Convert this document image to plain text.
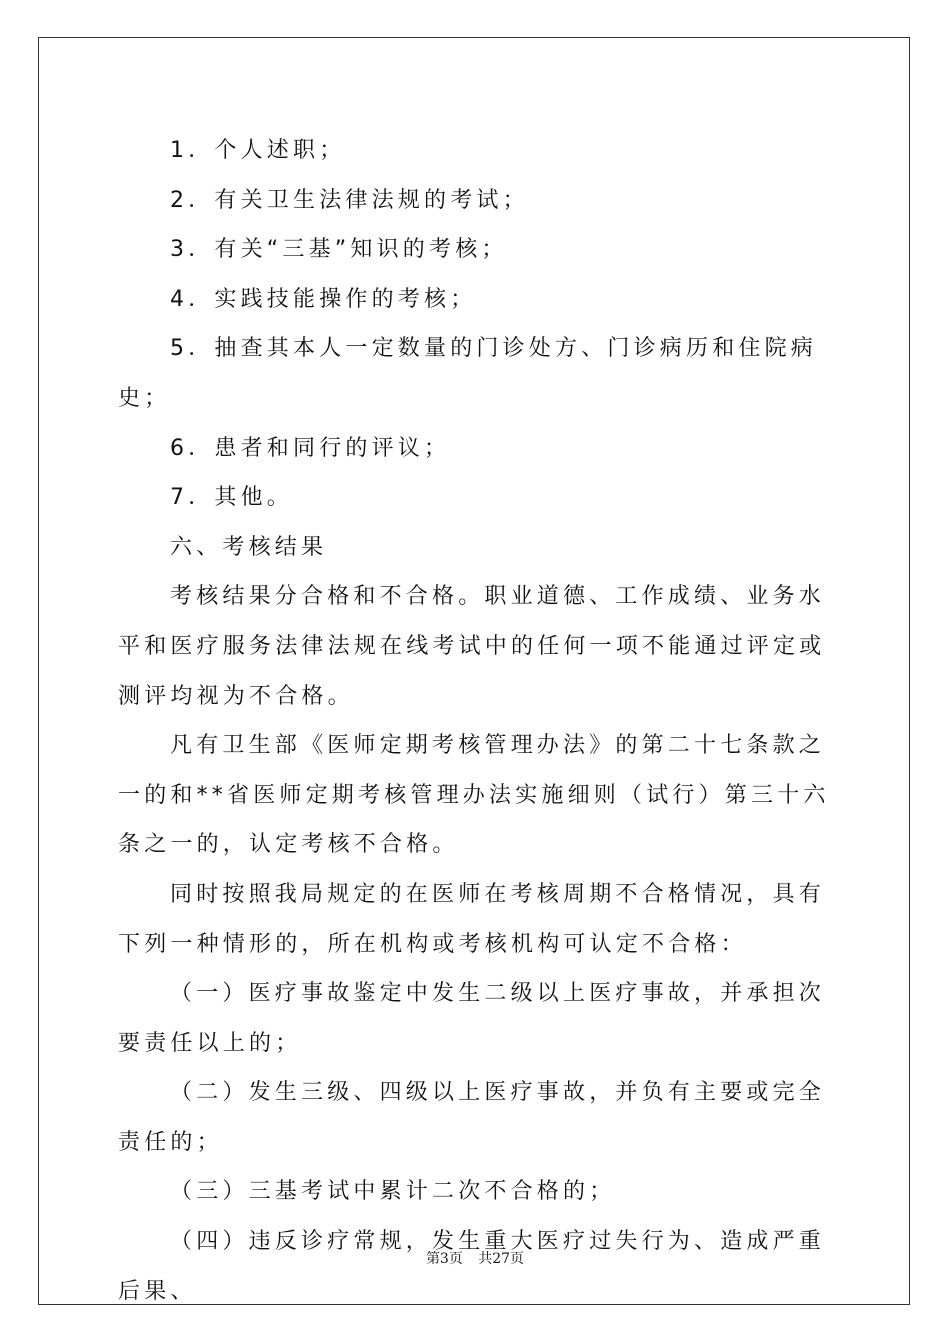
1．个人述职；

2．有关卫生法律法规的考试；

3．有关“三基”知识的考核；

4．实践技能操作的考核；

5．抽查其本人一定数量的门诊处方、门诊病历和住院病史；

6．患者和同行的评议；

7．其他。

六、考核结果

考核结果分合格和不合格。职业道德、工作成绩、业务水平和医疗服务法律法规在线考试中的任何一项不能通过评定或测评均视为不合格。

凡有卫生部《医师定期考核管理办法》的第二十七条款之一的和**省医师定期考核管理办法实施细则（试行）第三十六条之一的，认定考核不合格。

同时按照我局规定的在医师在考核周期不合格情况，具有下列一种情形的，所在机构或考核机构可认定不合格：

（一）医疗事故鉴定中发生二级以上医疗事故，并承担次要责任以上的；

（二）发生三级、四级以上医疗事故，并负有主要或完全责任的；

（三）三基考试中累计二次不合格的；

（四）违反诊疗常规，发生重大医疗过失行为、造成严重后果、

第3页 共27页
